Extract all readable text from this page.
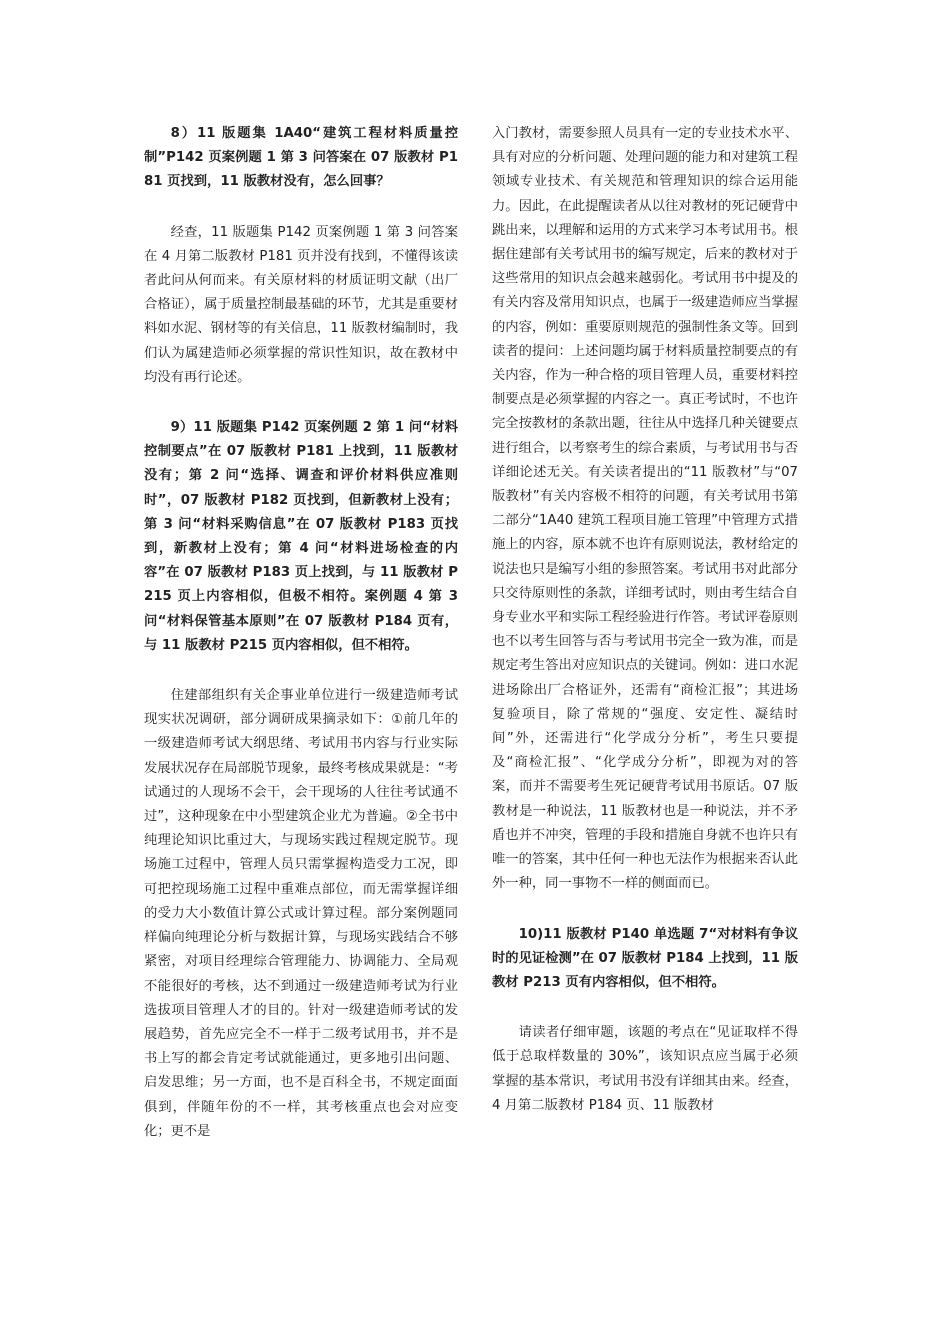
8）11 版题集 1A40“建筑工程材料质量控制”P142 页案例题 1 第 3 问答案在 07 版教材 P181 页找到，11 版教材没有，怎么回事？

经查，11 版题集 P142 页案例题 1 第 3 问答案在 4 月第二版教材 P181 页并没有找到，不懂得该读者此问从何而来。有关原材料的材质证明文献（出厂合格证），属于质量控制最基础的环节，尤其是重要材料如水泥、钢材等的有关信息，11 版教材编制时，我们认为属建造师必须掌握的常识性知识，故在教材中均没有再行论述。

9）11 版题集 P142 页案例题 2 第 1 问“材料控制要点”在 07 版教材 P181 上找到，11 版教材没有；第 2 问“选择、调查和评价材料供应准则时”，07 版教材 P182 页找到，但新教材上没有；第 3 问“材料采购信息”在 07 版教材 P183 页找到，新教材上没有；第 4 问“材料进场检查的内容”在 07 版教材 P183 页上找到，与 11 版教材 P215 页上内容相似，但极不相符。案例题 4 第 3 问“材料保管基本原则”在 07 版教材 P184 页有，与 11 版教材 P215 页内容相似，但不相符。

住建部组织有关企事业单位进行一级建造师考试现实状况调研，部分调研成果摘录如下：①前几年的一级建造师考试大纲思绪、考试用书内容与行业实际发展状况存在局部脱节现象，最终考核成果就是：“考试通过的人现场不会干，会干现场的人往往考试通不过”，这种现象在中小型建筑企业尤为普遍。②全书中纯理论知识比重过大，与现场实践过程规定脱节。现场施工过程中，管理人员只需掌握构造受力工况，即可把控现场施工过程中重难点部位，而无需掌握详细的受力大小数值计算公式或计算过程。部分案例题同样偏向纯理论分析与数据计算，与现场实践结合不够紧密，对项目经理综合管理能力、协调能力、全局观不能很好的考核，达不到通过一级建造师考试为行业选拔项目管理人才的目的。针对一级建造师考试的发展趋势，首先应完全不一样于二级考试用书，并不是书上写的都会肯定考试就能通过，更多地引出问题、启发思维；另一方面，也不是百科全书，不规定面面俱到，伴随年份的不一样，其考核重点也会对应变化；更不是

入门教材，需要参照人员具有一定的专业技术水平、具有对应的分析问题、处理问题的能力和对建筑工程领域专业技术、有关规范和管理知识的综合运用能力。因此，在此提醒读者从以往对教材的死记硬背中跳出来，以理解和运用的方式来学习本考试用书。根据住建部有关考试用书的编写规定，后来的教材对于这些常用的知识点会越来越弱化。考试用书中提及的有关内容及常用知识点，也属于一级建造师应当掌握的内容，例如：重要原则规范的强制性条文等。回到读者的提问：上述问题均属于材料质量控制要点的有关内容，作为一种合格的项目管理人员，重要材料控制要点是必须掌握的内容之一。真正考试时，不也许完全按教材的条款出题，往往从中选择几种关键要点进行组合，以考察考生的综合素质，与考试用书与否详细论述无关。有关读者提出的“11 版教材”与“07 版教材”有关内容极不相符的问题，有关考试用书第二部分“1A40 建筑工程项目施工管理”中管理方式措施上的内容，原本就不也许有原则说法，教材给定的说法也只是编写小组的参照答案。考试用书对此部分只交待原则性的条款，详细考试时，则由考生结合自身专业水平和实际工程经验进行作答。考试评卷原则也不以考生回答与否与考试用书完全一致为准，而是规定考生答出对应知识点的关键词。例如：进口水泥进场除出厂合格证外，还需有“商检汇报”；其进场复验项目，除了常规的“强度、安定性、凝结时间”外，还需进行“化学成分分析”，考生只要提及“商检汇报”、“化学成分分析”，即视为对的答案，而并不需要考生死记硬背考试用书原话。07 版教材是一种说法，11 版教材也是一种说法，并不矛盾也并不冲突，管理的手段和措施自身就不也许只有唯一的答案，其中任何一种也无法作为根据来否认此外一种，同一事物不一样的侧面而已。

10)11 版教材 P140 单选题 7“对材料有争议时的见证检测”在 07 版教材 P184 上找到，11 版教材 P213 页有内容相似，但不相符。

请读者仔细审题，该题的考点在“见证取样不得低于总取样数量的 30%”，该知识点应当属于必须掌握的基本常识，考试用书没有详细其由来。经查，4 月第二版教材 P184 页、11 版教材
